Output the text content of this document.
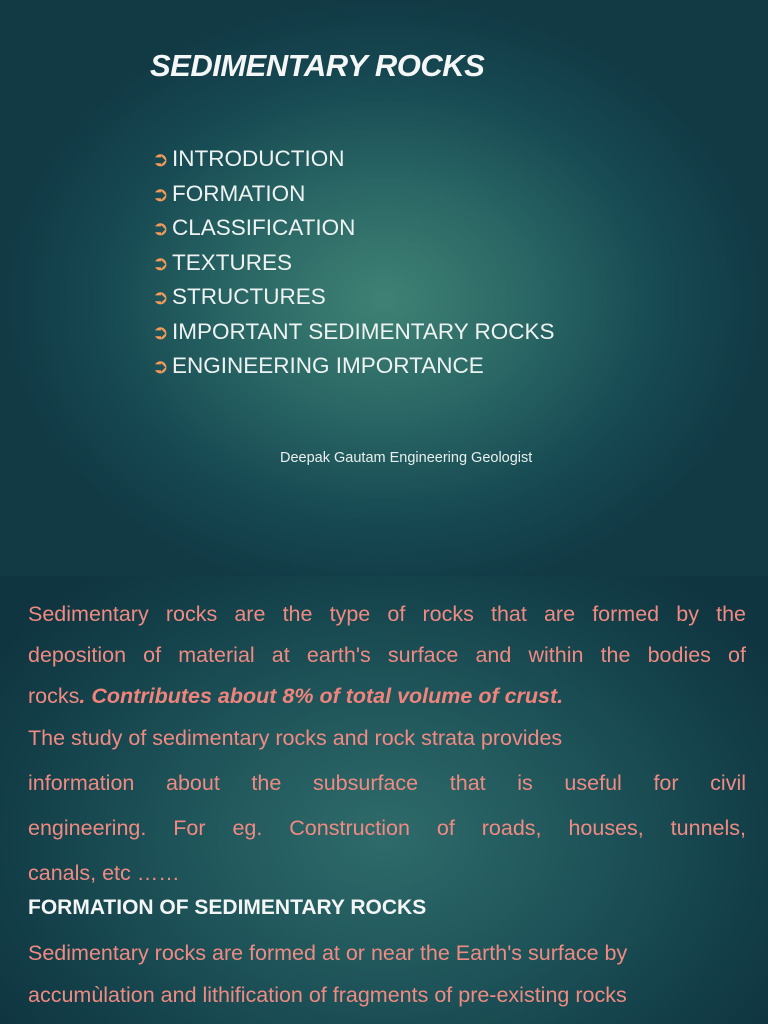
SEDIMENTARY ROCKS
➲ INTRODUCTION
➲ FORMATION
➲ CLASSIFICATION
➲ TEXTURES
➲ STRUCTURES
➲ IMPORTANT SEDIMENTARY ROCKS
➲ ENGINEERING IMPORTANCE
Deepak Gautam Engineering Geologist

Sedimentary rocks are the type of rocks that are formed by the
deposition of material at earth's surface and within the bodies of
rocks. Contributes about 8% of total volume of crust.

The study of sedimentary rocks and rock strata provides
information about the subsurface that is useful for civil
engineering. For eg. Construction of roads, houses, tunnels,
canals, etc ……

FORMATION OF SEDIMENTARY ROCKS

Sedimentary rocks are formed at or near the Earth's surface by
accumùlation and lithification of fragments of pre-existing rocks
